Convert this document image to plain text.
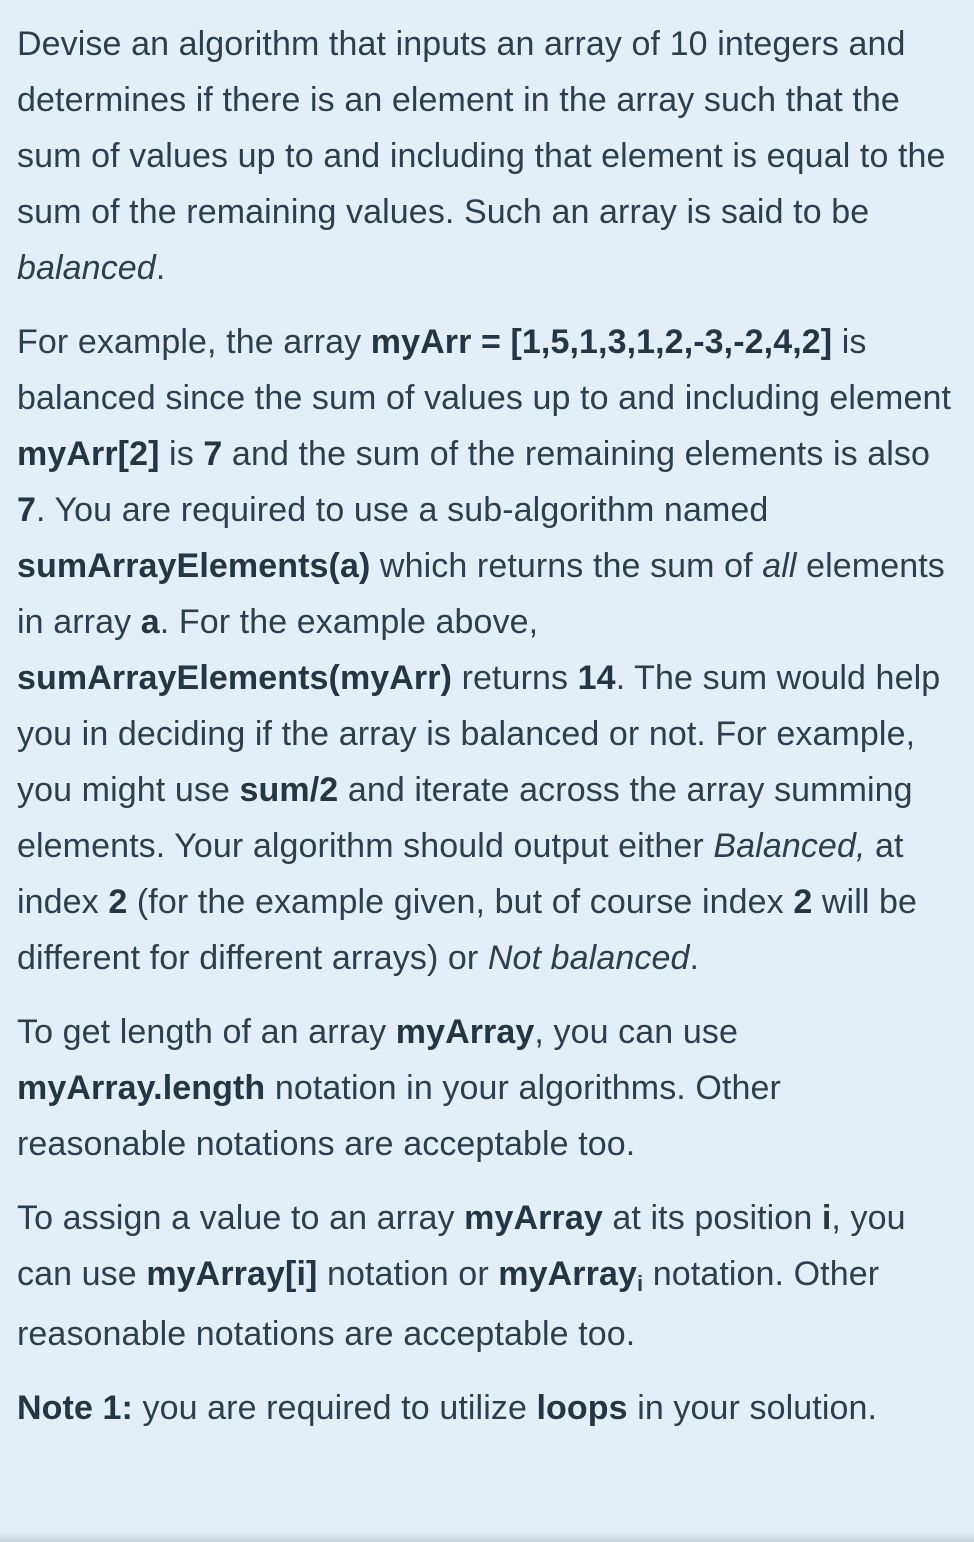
Devise an algorithm that inputs an array of 10 integers and determines if there is an element in the array such that the sum of values up to and including that element is equal to the sum of the remaining values. Such an array is said to be balanced.

For example, the array myArr = [1,5,1,3,1,2,-3,-2,4,2] is balanced since the sum of values up to and including element myArr[2] is 7 and the sum of the remaining elements is also 7. You are required to use a sub-algorithm named sumArrayElements(a) which returns the sum of all elements in array a. For the example above, sumArrayElements(myArr) returns 14. The sum would help you in deciding if the array is balanced or not. For example, you might use sum/2 and iterate across the array summing elements. Your algorithm should output either Balanced, at index 2 (for the example given, but of course index 2 will be different for different arrays) or Not balanced.

To get length of an array myArray, you can use myArray.length notation in your algorithms. Other reasonable notations are acceptable too.

To assign a value to an array myArray at its position i, you can use myArray[i] notation or myArrayi notation. Other reasonable notations are acceptable too.

Note 1: you are required to utilize loops in your solution.
